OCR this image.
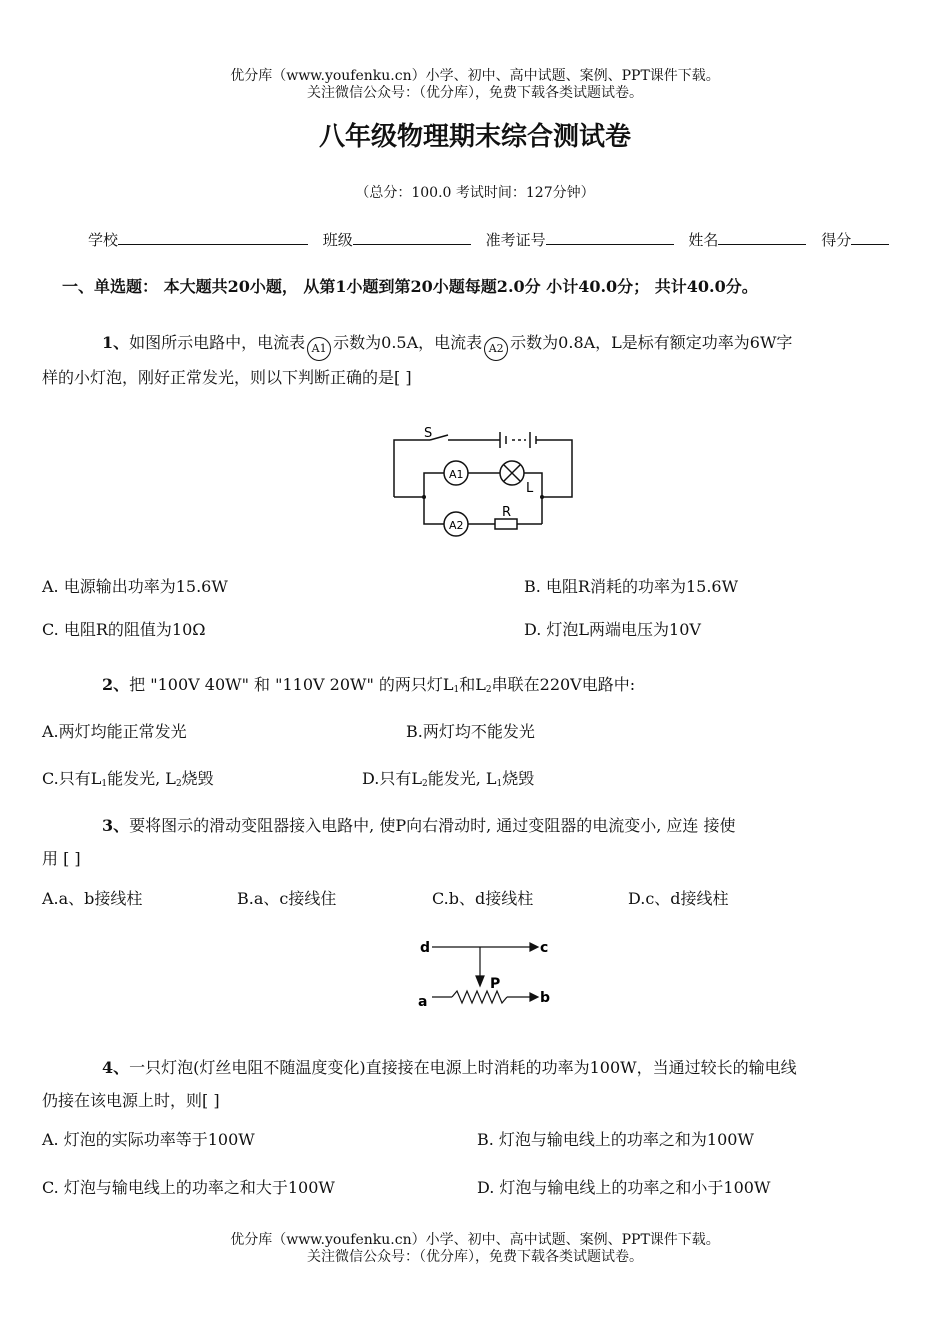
优分库（www.youfenku.cn）小学、初中、高中试题、案例、PPT课件下载。
关注微信公众号：（优分库），免费下载各类试题试卷。
八年级物理期末综合测试卷
（总分：100.0 考试时间：127分钟）
学校	班级	准考证号	姓名	得分
一、单选题： 本大题共20小题， 从第1小题到第20小题每题2.0分 小计40.0分； 共计40.0分。
1、如图所示电路中，电流表 A1 示数为0.5A，电流表 A2 示数为0.8A，L是标有额定功率为6W字
样的小灯泡，刚好正常发光，则以下判断正确的是[ ]
S
A1
A2
L
R
A. 电源输出功率为15.6W	B. 电阻R消耗的功率为15.6W
C. 电阻R的阻值为10Ω	D. 灯泡L两端电压为10V
2、把 "100V 40W" 和 "110V 20W" 的两只灯$L_1$和$L_2$串联在220V电路中:
A.两灯均能正常发光	B.两灯均不能发光
C.只有$L_1$能发光, $L_2$烧毁	D.只有$L_2$能发光, $L_1$烧毁
3、要将图示的滑动变阻器接入电路中, 使P向右滑动时, 通过变阻器的电流变小, 应连 接使
用 [ ]
A.a、b接线柱	B.a、c接线住	C.b、d接线柱	D.c、d接线柱
d	c
P
a	b
4、一只灯泡(灯丝电阻不随温度变化)直接接在电源上时消耗的功率为100W，当通过较长的输电线
仍接在该电源上时，则[ ]
A. 灯泡的实际功率等于100W	B. 灯泡与输电线上的功率之和为100W
C. 灯泡与输电线上的功率之和大于100W	D. 灯泡与输电线上的功率之和小于100W
优分库（www.youfenku.cn）小学、初中、高中试题、案例、PPT课件下载。
关注微信公众号：（优分库），免费下载各类试题试卷。
